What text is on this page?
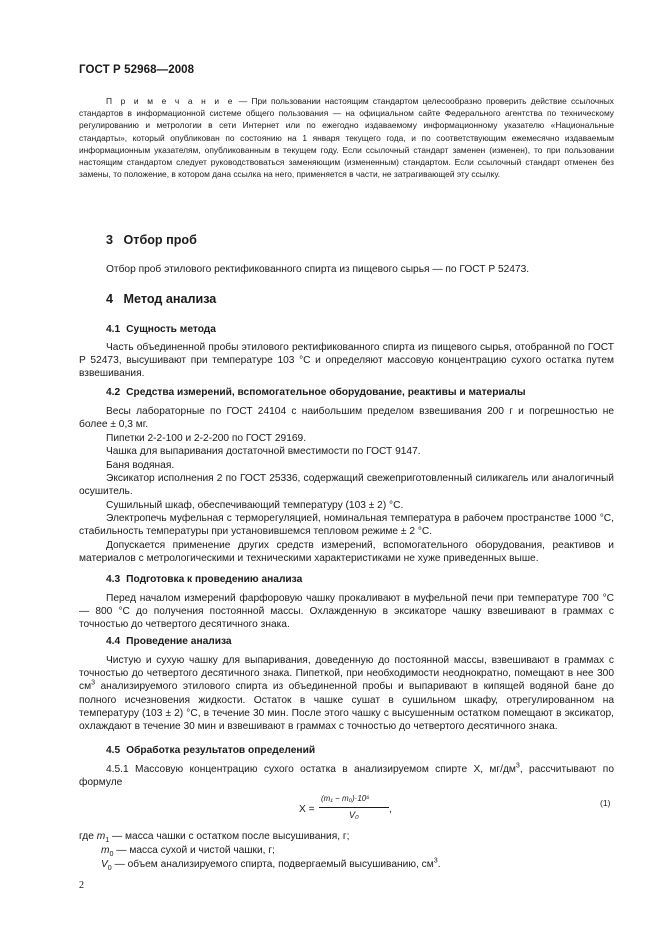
ГОСТ Р 52968—2008
П р и м е ч а н и е — При пользовании настоящим стандартом целесообразно проверить действие ссылочных стандартов в информационной системе общего пользования — на официальном сайте Федерального агентства по техническому регулированию и метрологии в сети Интернет или по ежегодно издаваемому информационному указателю «Национальные стандарты», который опубликован по состоянию на 1 января текущего года, и по соответствующим ежемесячно издаваемым информационным указателям, опубликованным в текущем году. Если ссылочный стандарт заменен (изменен), то при пользовании настоящим стандартом следует руководствоваться заменяющим (измененным) стандартом. Если ссылочный стандарт отменен без замены, то положение, в котором дана ссылка на него, применяется в части, не затрагивающей эту ссылку.
3 Отбор проб
Отбор проб этилового ректификованного спирта из пищевого сырья — по ГОСТ Р 52473.
4 Метод анализа
4.1 Сущность метода
Часть объединенной пробы этилового ректификованного спирта из пищевого сырья, отобранной по ГОСТ Р 52473, высушивают при температуре 103 °С и определяют массовую концентрацию сухого остатка путем взвешивания.
4.2 Средства измерений, вспомогательное оборудование, реактивы и материалы
Весы лабораторные по ГОСТ 24104 с наибольшим пределом взвешивания 200 г и погрешностью не более ± 0,3 мг.
Пипетки 2-2-100 и 2-2-200 по ГОСТ 29169.
Чашка для выпаривания достаточной вместимости по ГОСТ 9147.
Баня водяная.
Эксикатор исполнения 2 по ГОСТ 25336, содержащий свежеприготовленный силикагель или аналогичный осушитель.
Сушильный шкаф, обеспечивающий температуру (103 ± 2) °С.
Электропечь муфельная с терморегуляцией, номинальная температура в рабочем пространстве 1000 °С, стабильность температуры при установившемся тепловом режиме ± 2 °С.
Допускается применение других средств измерений, вспомогательного оборудования, реактивов и материалов с метрологическими и техническими характеристиками не хуже приведенных выше.
4.3 Подготовка к проведению анализа
Перед началом измерений фарфоровую чашку прокаливают в муфельной печи при температуре 700 °С — 800 °С до получения постоянной массы. Охлажденную в эксикаторе чашку взвешивают в граммах с точностью до четвертого десятичного знака.
4.4 Проведение анализа
Чистую и сухую чашку для выпаривания, доведенную до постоянной массы, взвешивают в граммах с точностью до четвертого десятичного знака. Пипеткой, при необходимости неоднократно, помещают в нее 300 $см^3$ анализируемого этилового спирта из объединенной пробы и выпаривают в кипящей водяной бане до полного исчезновения жидкости. Остаток в чашке сушат в сушильном шкафу, отрегулированном на температуру (103 ± 2) °С, в течение 30 мин. После этого чашку с высушенным остатком помещают в эксикатор, охлаждают в течение 30 мин и взвешивают в граммах с точностью до четвертого десятичного знака.
4.5 Обработка результатов определений
4.5.1 Массовую концентрацию сухого остатка в анализируемом спирте X, $мг/дм^3$, рассчитывают по формуле
X =
(m₁ − m₀)·10⁶
V₀	,
(1)
где $m_1$ — масса чашки с остатком после высушивания, г;
$m_0$ — масса сухой и чистой чашки, г;
$V_0$ — объем анализируемого спирта, подвергаемый высушиванию, $см^3$.
2
